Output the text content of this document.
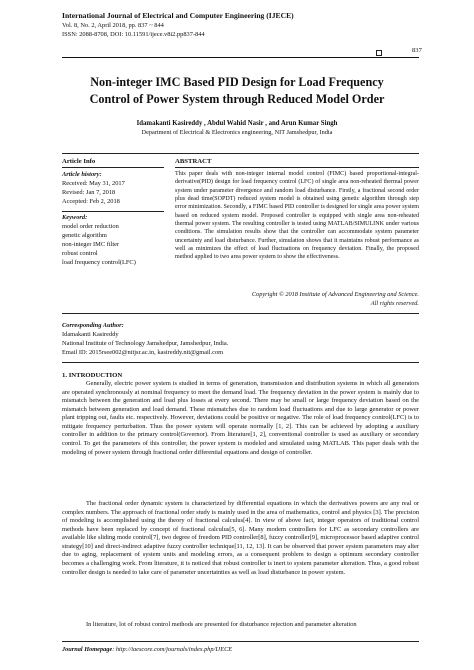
International Journal of Electrical and Computer Engineering (IJECE)
Vol. 8, No. 2, April 2018, pp. 837 ~ 844
ISSN: 2088-8708, DOI: 10.11591/ijece.v8i2.pp837-844
837
Non-integer IMC Based PID Design for Load Frequency
Control of Power System through Reduced Model Order
Idamakanti Kasireddy , Abdul Wahid Nasir , and Arun Kumar Singh
Department of Electrical & Electronics engineering, NIT Jamshedpur, India
Article Info	ABSTRACT
Article history:
Received: May 31, 2017
Revised: Jan 7, 2018
Accepted: Feb 2, 2018
Keyword:
model order reduction
genetic algorithm
non-integer IMC filter
robust control
load frequency control(LFC)

This paper deals with non-integer internal model control (FIMC) based proportional-integral-derivative(PID) design for load frequency control (LFC) of single area non-reheated thermal power system under parameter divergence and random load disturbance. Firstly, a fractional second order plus dead time(SOPDT) reduced system model is obtained using genetic algorithm through step error minimization. Secondly, a FIMC based PID controller is designed for single area power system based on reduced system model. Proposed controller is equipped with single area non-reheated thermal power system. The resulting controller is tested using MATLAB/SIMULINK under various conditions. The simulation results show that the controller can accommodate system parameter uncertainty and load disturbance. Further, simulation shows that it maintains robust performance as well as minimizes the effect of load fluctuations on frequency deviation. Finally, the proposed method applied to two area power system to show the effectiveness.

Copyright © 2018 Institute of Advanced Engineering and Science.
All rights reserved.
Corresponding Author:
Idamakanti Kasireddy
National Institute of Technology Jamshedpur, Jamshedpur, India.
Email ID: 2015rsee002@nitjsr.ac.in, kasireddy.nit@gmail.com
1. INTRODUCTION

Generally, electric power system is studied in terms of generation, transmission and distribution systems in which all generators are operated synchronously at nominal frequency to meet the demand load. The frequency deviation in the power system is mainly due to mismatch between the generation and load plus losses at every second. There may be small or large frequency deviation based on the mismatch between generation and load demand. These mismatches due to random load fluctuations and due to large generator or power plant tripping out, faults etc. respectively. However, deviations could be positive or negative. The role of load frequency control(LFC) is to mitigate frequency perturbation. Thus the power system will operate normally [1, 2]. This can be achieved by adopting a auxiliary controller in addition to the primary control(Governor). From literature[1, 2], conventional controller is used as auxiliary or secondary control. To get the parameters of this controller, the power system is modeled and simulated using MATLAB. This paper deals with the modeling of power system through fractional order differential equations and design of controller.

The fractional order dynamic system is characterized by differential equations in which the derivatives powers are any real or complex numbers. The approach of fractional order study is mainly used in the area of mathematics, control and physics [3]. The precision of modeling is accomplished using the theory of fractional calculus[4]. In view of above fact, integer operators of traditional control methods have been replaced by concept of fractional calculus[5, 6]. Many modern controllers for LFC as secondary controllers are available like sliding mode control[7], two degree of freedom PID controller[8], fuzzy controller[9], microprocessor based adaptive control strategy[10] and direct-indirect adaptive fuzzy controller technique[11, 12, 13]. It can be observed that power system parameters may alter due to aging, replacement of system units and modeling errors, as a consequent problem to design a optimum secondary controller becomes a challenging work. From literature, it is noticed that robust controller is inert to system parameter alteration. Thus, a good robust controller design is needed to take care of parameter uncertainties as well as load disturbance in power system.

In literature, lot of robust control methods are presented for disturbance rejection and parameter alteration

Journal Homepage: http://iaescore.com/journals/index.php/IJECE
